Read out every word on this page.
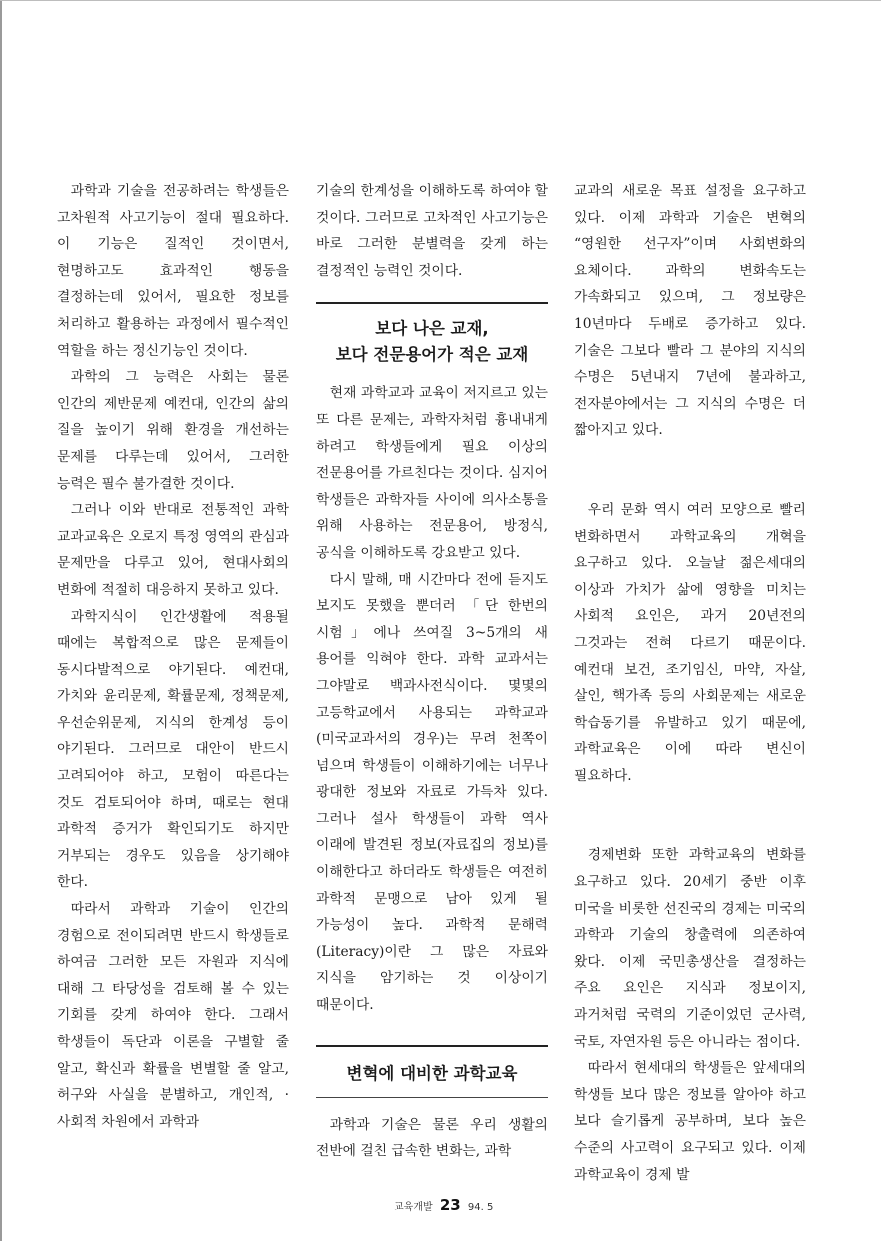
과학과 기술을 전공하려는 학생들은 고차원적 사고기능이 절대 필요하다. 이 기능은 질적인 것이면서, 현명하고도 효과적인 행동을 결정하는데 있어서, 필요한 정보를 처리하고 활용하는 과정에서 필수적인 역할을 하는 정신기능인 것이다.

과학의 그 능력은 사회는 물론 인간의 제반문제 예컨대, 인간의 삶의 질을 높이기 위해 환경을 개선하는 문제를 다루는데 있어서, 그러한 능력은 필수 불가결한 것이다.

그러나 이와 반대로 전통적인 과학 교과교육은 오로지 특정 영역의 관심과 문제만을 다루고 있어, 현대사회의 변화에 적절히 대응하지 못하고 있다.

과학지식이 인간생활에 적용될 때에는 복합적으로 많은 문제들이 동시다발적으로 야기된다. 예컨대, 가치와 윤리문제, 확률문제, 정책문제, 우선순위문제, 지식의 한계성 등이 야기된다. 그러므로 대안이 반드시 고려되어야 하고, 모험이 따른다는 것도 검토되어야 하며, 때로는 현대 과학적 증거가 확인되기도 하지만 거부되는 경우도 있음을 상기해야 한다.

따라서 과학과 기술이 인간의 경험으로 전이되려면 반드시 학생들로 하여금 그러한 모든 자원과 지식에 대해 그 타당성을 검토해 볼 수 있는 기회를 갖게 하여야 한다. 그래서 학생들이 독단과 이론을 구별할 줄 알고, 확신과 확률을 변별할 줄 알고, 허구와 사실을 분별하고, 개인적, · 사회적 차원에서 과학과

기술의 한계성을 이해하도록 하여야 할 것이다. 그러므로 고차적인 사고기능은 바로 그러한 분별력을 갖게 하는 결정적인 능력인 것이다.

보다 나은 교재,
보다 전문용어가 적은 교재

현재 과학교과 교육이 저지르고 있는 또 다른 문제는, 과학자처럼 흉내내게 하려고 학생들에게 필요 이상의 전문용어를 가르친다는 것이다. 심지어 학생들은 과학자들 사이에 의사소통을 위해 사용하는 전문용어, 방정식, 공식을 이해하도록 강요받고 있다.

다시 말해, 매 시간마다 전에 듣지도 보지도 못했을 뿐더러 「단 한번의 시험」에나 쓰여질 3~5개의 새 용어를 익혀야 한다. 과학 교과서는 그야말로 백과사전식이다. 몇몇의 고등학교에서 사용되는 과학교과(미국교과서의 경우)는 무려 천쪽이 넘으며 학생들이 이해하기에는 너무나 광대한 정보와 자료로 가득차 있다. 그러나 설사 학생들이 과학 역사 이래에 발견된 정보(자료집의 정보)를 이해한다고 하더라도 학생들은 여전히 과학적 문맹으로 남아 있게 될 가능성이 높다. 과학적 문해력(Literacy)이란 그 많은 자료와 지식을 암기하는 것 이상이기 때문이다.

변혁에 대비한 과학교육

과학과 기술은 물론 우리 생활의 전반에 걸친 급속한 변화는, 과학

교과의 새로운 목표 설정을 요구하고 있다. 이제 과학과 기술은 변혁의 “영원한 선구자”이며 사회변화의 요체이다. 과학의 변화속도는 가속화되고 있으며, 그 정보량은 10년마다 두배로 증가하고 있다. 기술은 그보다 빨라 그 분야의 지식의 수명은 5년내지 7년에 불과하고, 전자분야에서는 그 지식의 수명은 더 짧아지고 있다.

우리 문화 역시 여러 모양으로 빨리 변화하면서 과학교육의 개혁을 요구하고 있다. 오늘날 젊은세대의 이상과 가치가 삶에 영향을 미치는 사회적 요인은, 과거 20년전의 그것과는 전혀 다르기 때문이다. 예컨대 보건, 조기임신, 마약, 자살, 살인, 핵가족 등의 사회문제는 새로운 학습동기를 유발하고 있기 때문에, 과학교육은 이에 따라 변신이 필요하다.

경제변화 또한 과학교육의 변화를 요구하고 있다. 20세기 중반 이후 미국을 비롯한 선진국의 경제는 미국의 과학과 기술의 창출력에 의존하여 왔다. 이제 국민총생산을 결정하는 주요 요인은 지식과 정보이지, 과거처럼 국력의 기준이었던 군사력, 국토, 자연자원 등은 아니라는 점이다.

따라서 현세대의 학생들은 앞세대의 학생들 보다 많은 정보를 알아야 하고 보다 슬기롭게 공부하며, 보다 높은 수준의 사고력이 요구되고 있다. 이제 과학교육이 경제 발

교육개발 23 94. 5
